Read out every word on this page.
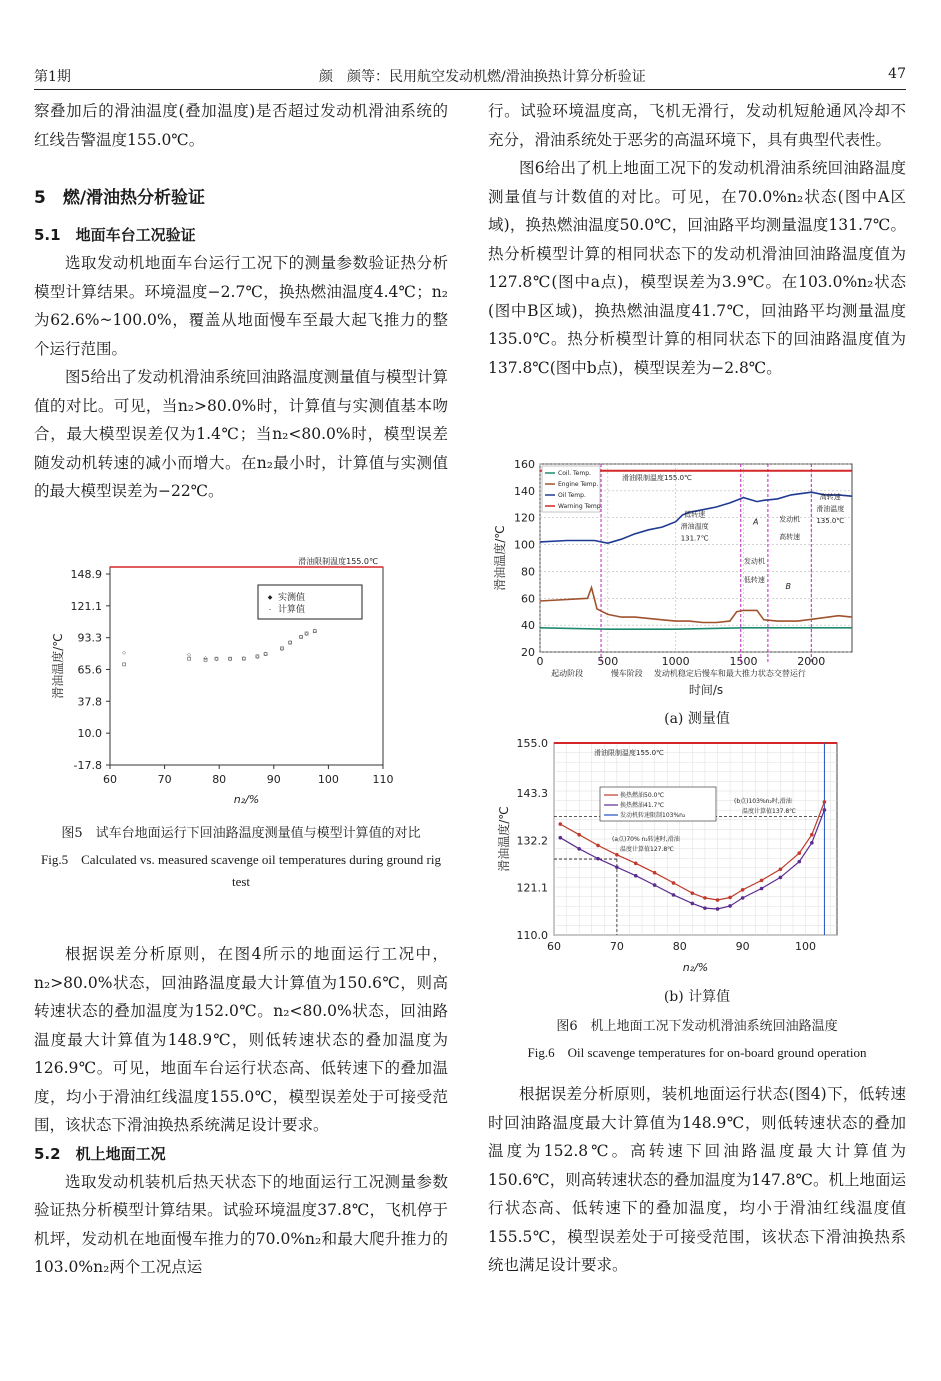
第1期	颜　颜等：民用航空发动机燃/滑油换热计算分析验证	47

察叠加后的滑油温度(叠加温度)是否超过发动机滑油系统的红线告警温度155.0℃。

5　燃/滑油热分析验证

5.1　地面车台工况验证

选取发动机地面车台运行工况下的测量参数验证热分析模型计算结果。环境温度−2.7℃，换热燃油温度4.4℃；n₂为62.6%~100.0%，覆盖从地面慢车至最大起飞推力的整个运行范围。

图5给出了发动机滑油系统回油路温度测量值与模型计算值的对比。可见，当n₂>80.0%时，计算值与实测值基本吻合，最大模型误差仅为1.4℃；当n₂<80.0%时，模型误差随发动机转速的减小而增大。在n₂最小时，计算值与实测值的最大模型误差为−22℃。

-17.8
10.0
37.8
65.6
93.3
121.1
148.9
60	70	80	90	100	110
滑油限制温度155.0℃
滑油温度/℃
n₂/%
◆ 实测值
- 计算值
◇	◇
◇ ◇ ◇ ◇ ◇
◇
◇
◇
◇ ◇
◇
图5　试车台地面运行下回油路温度测量值与模型计算值的对比
Fig.5　Calculated vs. measured scavenge oil temperatures during ground rig test

根据误差分析原则，在图4所示的地面运行工况中，n₂>80.0%状态，回油路温度最大计算值为150.6℃，则高转速状态的叠加温度为152.0℃。n₂<80.0%状态，回油路温度最大计算值为148.9℃，则低转速状态的叠加温度为126.9℃。可见，地面车台运行状态高、低转速下的叠加温度，均小于滑油红线温度155.0℃，模型误差处于可接受范围，该状态下滑油换热系统满足设计要求。

5.2　机上地面工况

选取发动机装机后热天状态下的地面运行工况测量参数验证热分析模型计算结果。试验环境温度37.8℃，飞机停于机坪，发动机在地面慢车推力的70.0%n₂和最大爬升推力的103.0%n₂两个工况点运

行。试验环境温度高，飞机无滑行，发动机短舱通风冷却不充分，滑油系统处于恶劣的高温环境下，具有典型代表性。

图6给出了机上地面工况下的发动机滑油系统回油路温度测量值与计数值的对比。可见，在70.0%n₂状态(图中A区域)，换热燃油温度50.0℃，回油路平均测量温度131.7℃。热分析模型计算的相同状态下的发动机滑油回油路温度值为127.8℃(图中a点)，模型误差为3.9℃。在103.0%n₂状态(图中B区域)，换热燃油温度41.7℃，回油路平均测量温度135.0℃。热分析模型计算的相同状态下的回油路温度值为137.8℃(图中b点)，模型误差为−2.8℃。

20
40
60
80
100
120
140
160
0	500	1000	1500	2000
滑油限制温度155.0℃
Coil. Temp.
Engine Temp.
Oil Temp.
Warning Temp.
低转速
滑油温度
131.7℃
高转速
滑油温度
135.0℃
发动机
高转速
发动机
低转速
A
B
起动阶段	慢车阶段 发动机稳定后慢车和最大推力状态交替运行
滑油温度/℃
时间/s
(a) 测量值
110.0
121.1
132.2
143.3
155.0
60	70	80	90	100
滑油限制温度155.0℃
换热燃油50.0℃
换热燃油41.7℃
发动机转速限制103%n₂
(b点)103%n₂时,滑油
温度计算值137.8℃
(a点)70% n₂转速时,滑油
温度计算值127.8℃
滑油温度/℃
n₂/%
(b) 计算值
图6　机上地面工况下发动机滑油系统回油路温度
Fig.6　Oil scavenge temperatures for on-board ground operation

根据误差分析原则，装机地面运行状态(图4)下，低转速时回油路温度最大计算值为148.9℃，则低转速状态的叠加温度为152.8℃。高转速下回油路温度最大计算值为150.6℃，则高转速状态的叠加温度为147.8℃。机上地面运行状态高、低转速下的叠加温度，均小于滑油红线温度值155.5℃，模型误差处于可接受范围，该状态下滑油换热系统也满足设计要求。
